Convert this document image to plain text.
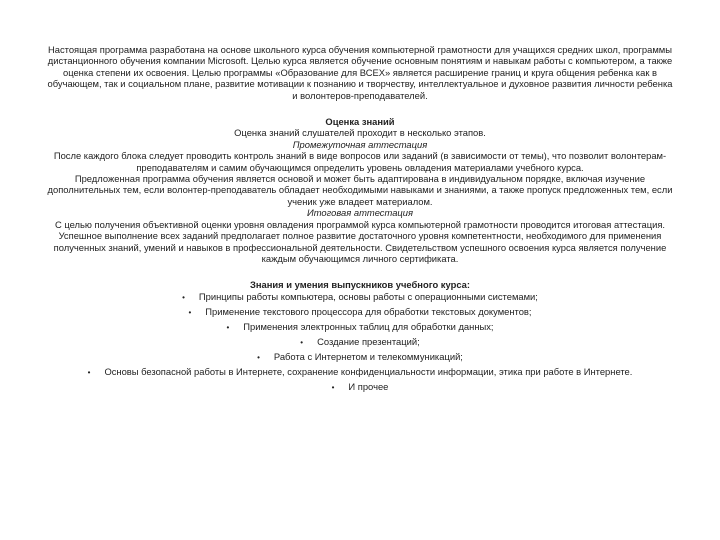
Настоящая программа разработана на основе школьного курса обучения компьютерной грамотности для учащихся средних школ, программы дистанционного обучения компании Microsoft. Целью курса является обучение основным понятиям и навыкам работы с компьютером, а также оценка степени их освоения. Целью программы «Образование для ВСЕХ» является расширение границ и круга общения ребенка как в обучающем, так и социальном плане, развитие мотивации к познанию и творчеству, интеллектуальное и духовное развития личности ребенка и волонтеров-преподавателей.

Оценка знаний

Оценка знаний слушателей проходит в несколько этапов.

Промежуточная аттестация

После каждого блока следует проводить контроль знаний в виде вопросов или заданий (в зависимости от темы), что позволит волонтерам-преподавателям и самим обучающимся определить уровень овладения материалами учебного курса.

Предложенная программа обучения является основой и может быть адаптирована в индивидуальном порядке, включая изучение дополнительных тем, если волонтер-преподаватель обладает необходимыми навыками и знаниями, а также пропуск предложенных тем, если ученик уже владеет материалом.

Итоговая аттестация

С целью получения объективной оценки уровня овладения программой курса компьютерной грамотности проводится итоговая аттестация. Успешное выполнение всех заданий предполагает полное развитие достаточного уровня компетентности, необходимого для применения полученных знаний, умений и навыков в профессиональной деятельности. Свидетельством успешного освоения курса является получение каждым обучающимся личного сертификата.

Знания и умения выпускников учебного курса:

• Принципы работы компьютера, основы работы с операционными системами;
• Применение текстового процессора для обработки текстовых документов;
• Применения электронных таблиц для обработки данных;
• Создание презентаций;
• Работа с Интернетом и телекоммуникаций;
• Основы безопасной работы в Интернете, сохранение конфиденциальности информации, этика при работе в Интернете.
• И прочее
